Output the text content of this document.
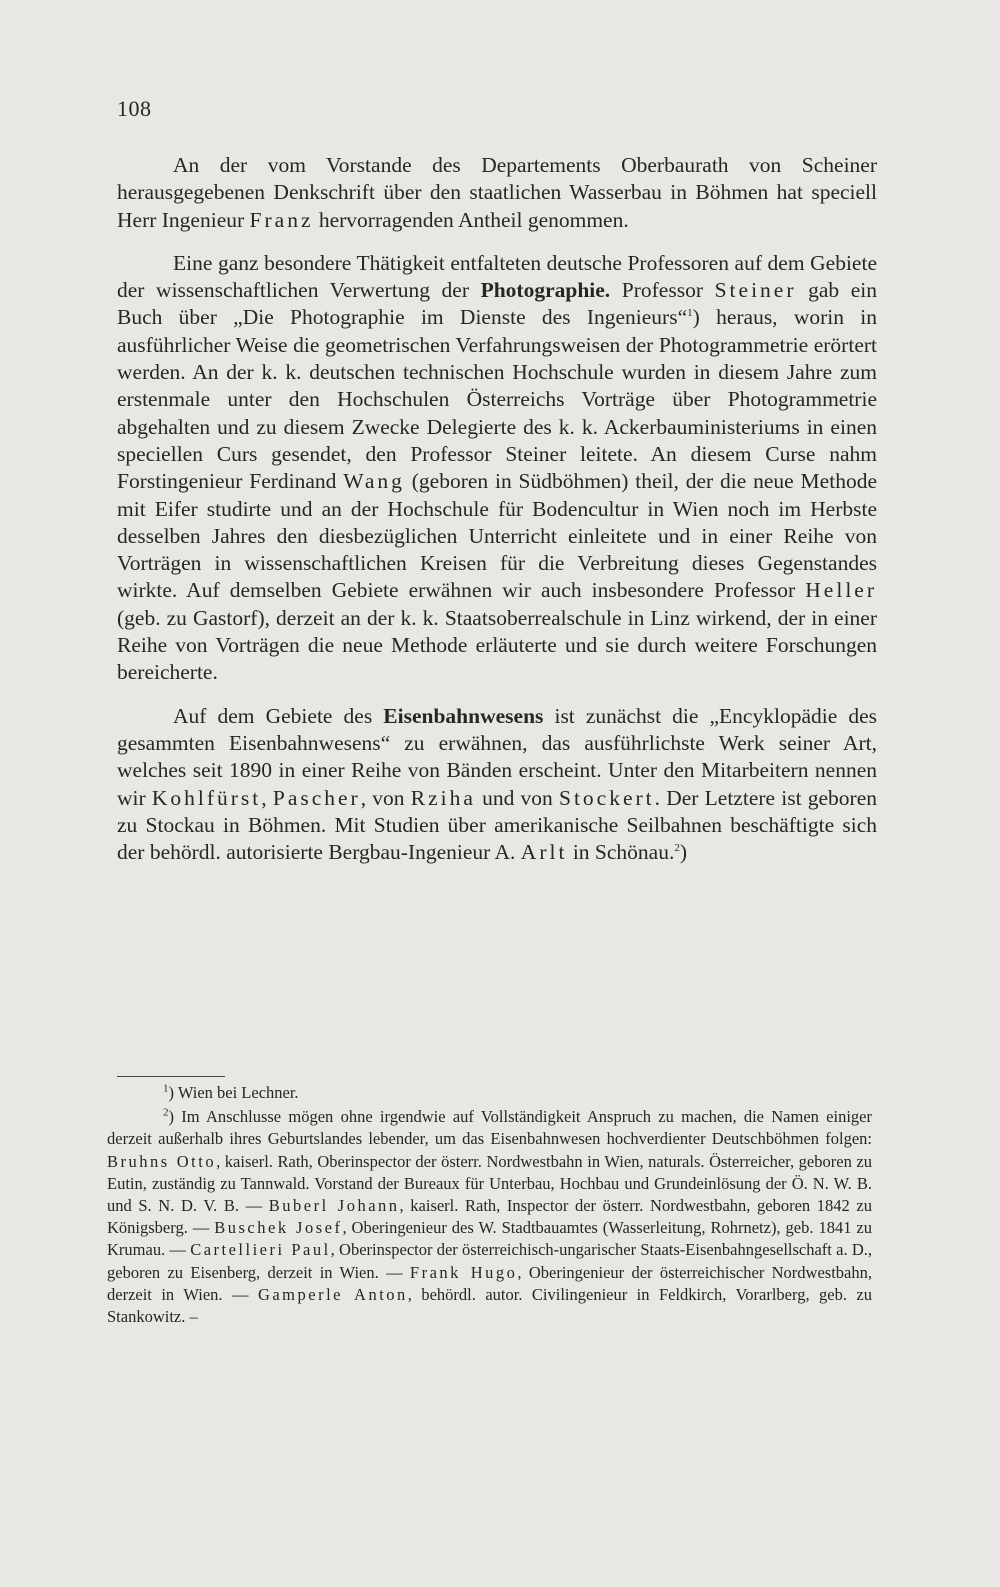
108

An der vom Vorstande des Departements Oberbaurath von Scheiner herausgegebenen Denkschrift über den staatlichen Wasserbau in Böhmen hat speciell Herr Ingenieur Franz hervorragenden Antheil genommen.

Eine ganz besondere Thätigkeit entfalteten deutsche Professoren auf dem Gebiete der wissenschaftlichen Verwertung der Photographie. Professor Steiner gab ein Buch über „Die Photographie im Dienste des Ingenieurs“$^1$) heraus, worin in ausführlicher Weise die geometrischen Verfahrungsweisen der Photogrammetrie erörtert werden. An der k. k. deutschen technischen Hochschule wurden in diesem Jahre zum erstenmale unter den Hochschulen Österreichs Vorträge über Photogrammetrie abgehalten und zu diesem Zwecke Delegierte des k. k. Ackerbauministeriums in einen speciellen Curs gesendet, den Professor Steiner leitete. An diesem Curse nahm Forstingenieur Ferdinand Wang (geboren in Südböhmen) theil, der die neue Methode mit Eifer studirte und an der Hochschule für Bodencultur in Wien noch im Herbste desselben Jahres den diesbezüglichen Unterricht einleitete und in einer Reihe von Vorträgen in wissenschaftlichen Kreisen für die Verbreitung dieses Gegenstandes wirkte. Auf demselben Gebiete erwähnen wir auch insbesondere Professor Heller (geb. zu Gastorf), derzeit an der k. k. Staatsoberrealschule in Linz wirkend, der in einer Reihe von Vorträgen die neue Methode erläuterte und sie durch weitere Forschungen bereicherte.

Auf dem Gebiete des Eisenbahnwesens ist zunächst die „Encyklopädie des gesammten Eisenbahnwesens“ zu erwähnen, das ausführlichste Werk seiner Art, welches seit 1890 in einer Reihe von Bänden erscheint. Unter den Mitarbeitern nennen wir Kohlfürst, Pascher, von Rziha und von Stockert. Der Letztere ist geboren zu Stockau in Böhmen. Mit Studien über amerikanische Seilbahnen beschäftigte sich der behördl. autorisierte Bergbau-Ingenieur A. Arlt in Schönau.$^2$)

$^1$) Wien bei Lechner.

$^2$) Im Anschlusse mögen ohne irgendwie auf Vollständigkeit Anspruch zu machen, die Namen einiger derzeit außerhalb ihres Geburtslandes lebender, um das Eisenbahnwesen hochverdienter Deutschböhmen folgen: Bruhns Otto, kaiserl. Rath, Oberinspector der österr. Nordwestbahn in Wien, naturals. Österreicher, geboren zu Eutin, zuständig zu Tannwald. Vorstand der Bureaux für Unterbau, Hochbau und Grundeinlösung der Ö. N. W. B. und S. N. D. V. B. — Buberl Johann, kaiserl. Rath, Inspector der österr. Nordwestbahn, geboren 1842 zu Königsberg. — Buschek Josef, Oberingenieur des W. Stadtbauamtes (Wasserleitung, Rohrnetz), geb. 1841 zu Krumau. — Cartellieri Paul, Oberinspector der österreichisch-ungarischer Staats-Eisenbahngesellschaft a. D., geboren zu Eisenberg, derzeit in Wien. — Frank Hugo, Oberingenieur der österreichischer Nordwestbahn, derzeit in Wien. — Gamperle Anton, behördl. autor. Civilingenieur in Feldkirch, Vorarlberg, geb. zu Stankowitz. –
